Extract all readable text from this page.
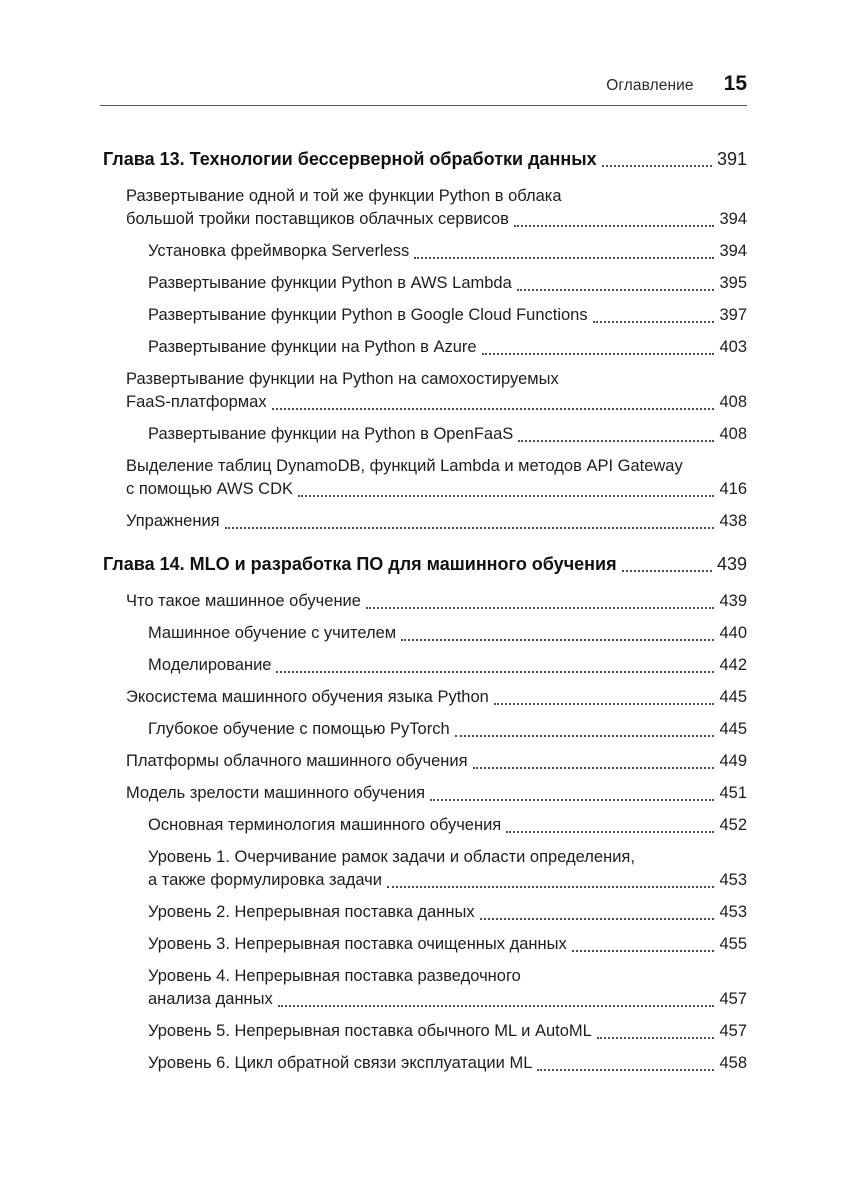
Оглавление 15
Глава 13. Технологии бессерверной обработки данных	391
Развертывание одной и той же функции Python в облака
большой тройки поставщиков облачных сервисов	394
Установка фреймворка Serverless	394
Развертывание функции Python в AWS Lambda	395
Развертывание функции Python в Google Cloud Functions	397
Развертывание функции на Python в Azure	403
Развертывание функции на Python на самохостируемых
FaaS-платформах	408
Развертывание функции на Python в OpenFaaS	408
Выделение таблиц DynamoDB, функций Lambda и методов API Gateway
с помощью AWS CDK	416
Упражнения	438
Глава 14. MLO и разработка ПО для машинного обучения	439
Что такое машинное обучение	439
Машинное обучение с учителем	440
Моделирование	442
Экосистема машинного обучения языка Python	445
Глубокое обучение с помощью PyTorch	445
Платформы облачного машинного обучения	449
Модель зрелости машинного обучения	451
Основная терминология машинного обучения	452
Уровень 1. Очерчивание рамок задачи и области определения,
а также формулировка задачи	453
Уровень 2. Непрерывная поставка данных	453
Уровень 3. Непрерывная поставка очищенных данных	455
Уровень 4. Непрерывная поставка разведочного
анализа данных	457
Уровень 5. Непрерывная поставка обычного ML и AutoML	457
Уровень 6. Цикл обратной связи эксплуатации ML	458
